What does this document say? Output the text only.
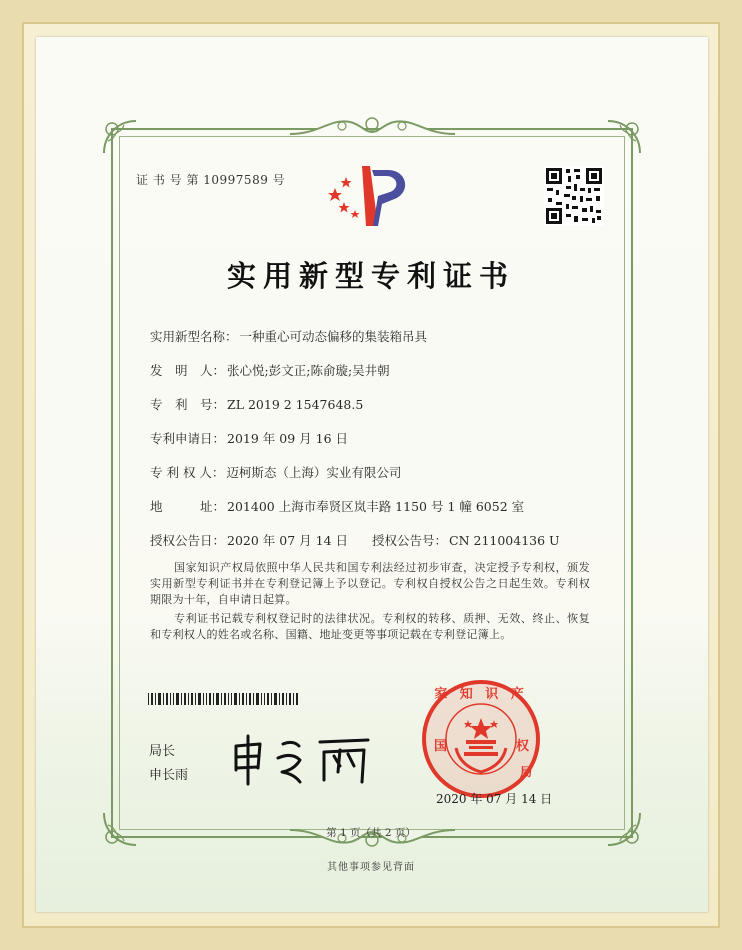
证 书 号 第 10997589 号
实用新型专利证书
实用新型名称： 一种重心可动态偏移的集装箱吊具
发　明　人： 张心悦;彭文正;陈俞璇;吴井朝
专　利　号： ZL 2019 2 1547648.5
专利申请日： 2019 年 09 月 16 日
专 利 权 人： 迈柯斯态（上海）实业有限公司
地　　　址： 201400 上海市奉贤区岚丰路 1150 号 1 幢 6052 室
授权公告日： 2020 年 07 月 14 日 授权公告号： CN 211004136 U
国家知识产权局依照中华人民共和国专利法经过初步审查，决定授予专利权，颁发实用新型专利证书并在专利登记簿上予以登记。专利权自授权公告之日起生效。专利权期限为十年，自申请日起算。
专利证书记载专利权登记时的法律状况。专利权的转移、质押、无效、终止、恢复和专利权人的姓名或名称、国籍、地址变更等事项记载在专利登记簿上。
局长
申长雨
家 知 识 产
国	权
局
2020 年 07 月 14 日
第 1 页（共 2 页）
其他事项参见背面
